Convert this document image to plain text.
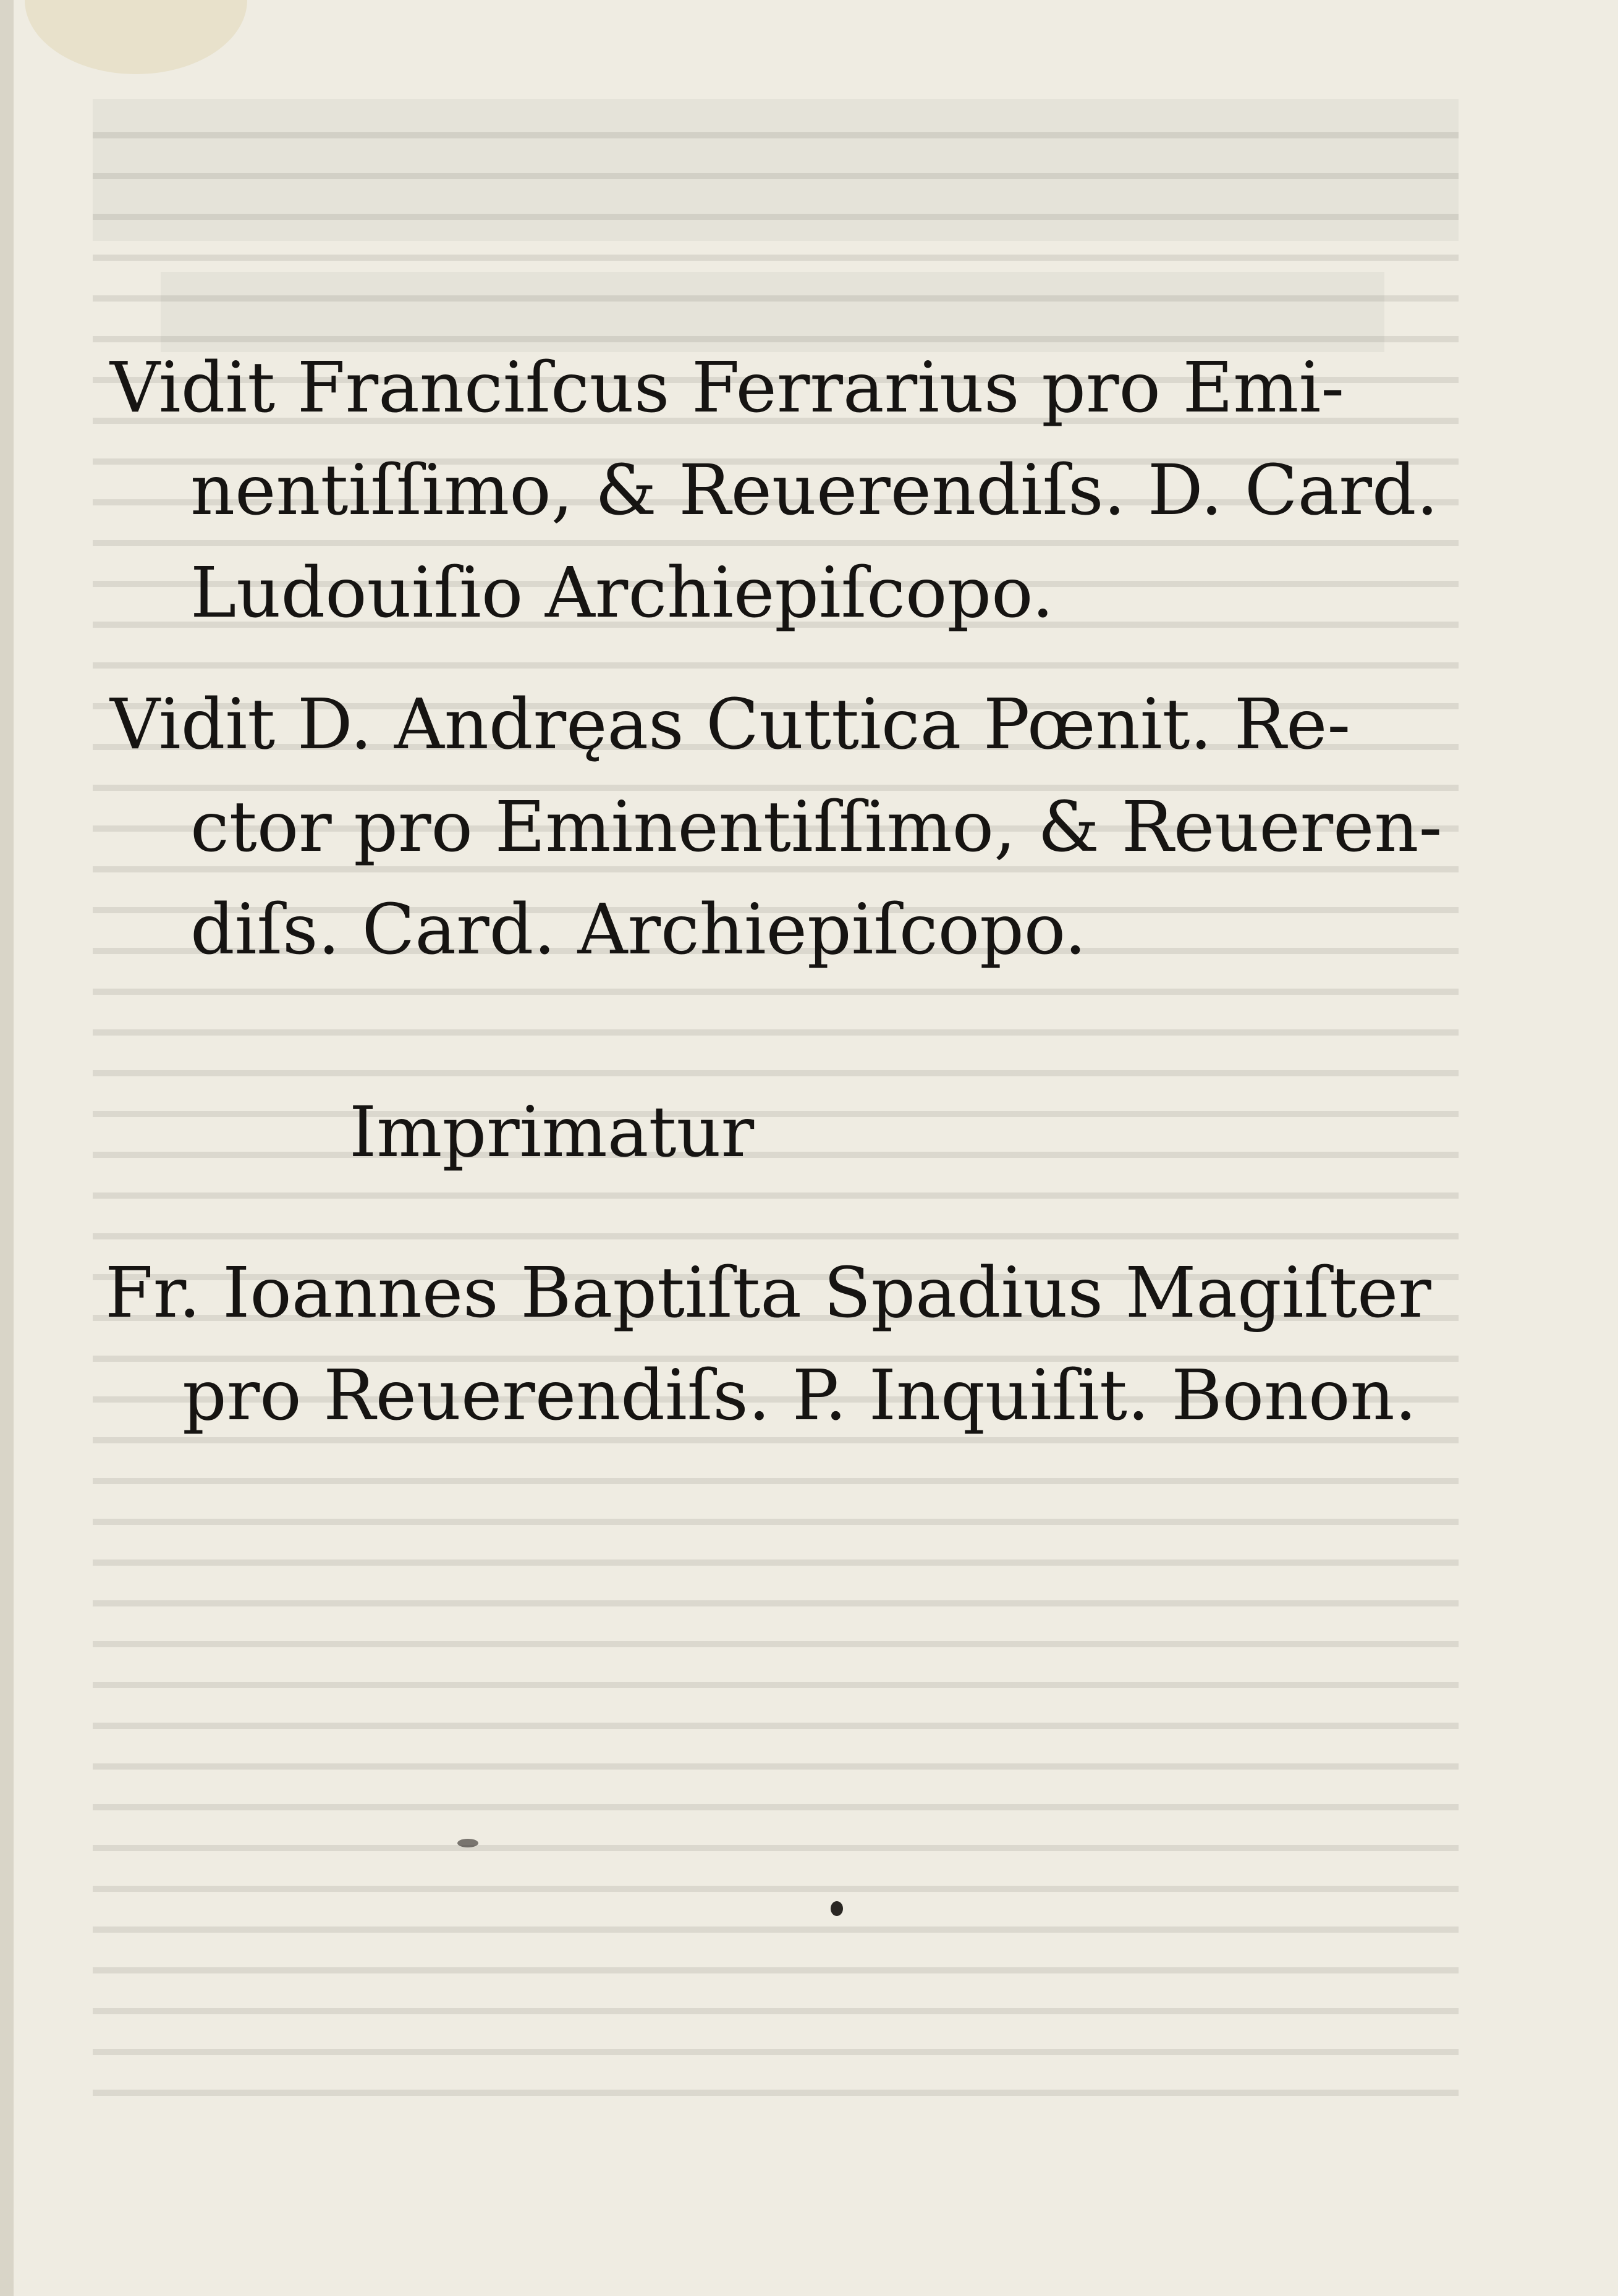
Vidit Franciſcus Ferrarius pro Emi-
nentiſſimo, & Reuerendiſs. D. Card.
Ludouiſio Archiepiſcopo.

Vidit D. Andręas Cuttica Pœnit. Re-
ctor pro Eminentiſſimo, & Reueren-
diſs. Card. Archiepiſcopo.

Imprimatur

Fr. Ioannes Baptiſta Spadius Magiſter
pro Reuerendiſs. P. Inquiſit. Bonon.
